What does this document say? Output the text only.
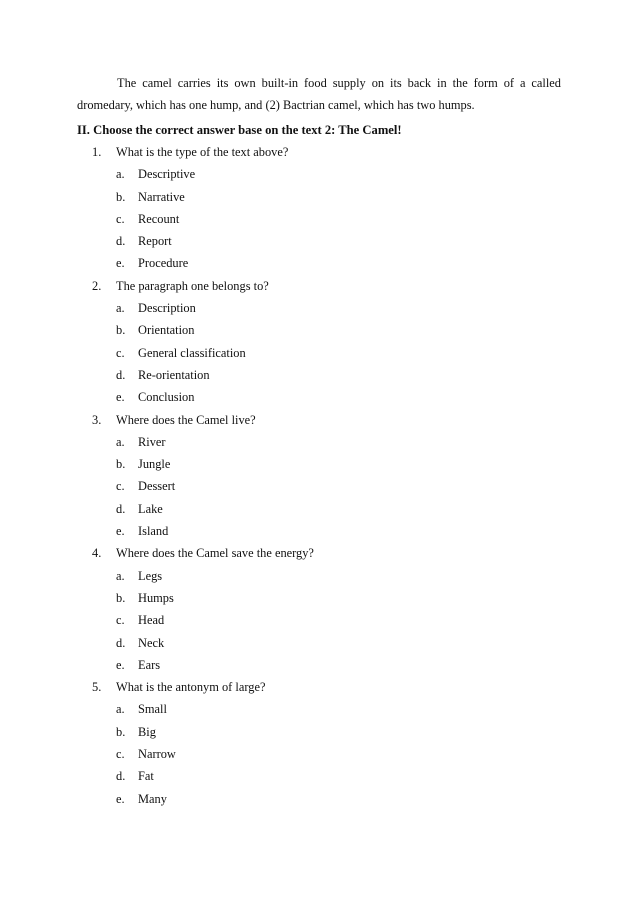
The camel carries its own built-in food supply on its back in the form of a called
dromedary, which has one hump, and (2) Bactrian camel, which has two humps.
II. Choose the correct answer base on the text 2: The Camel!
1. What is the type of the text above?
a. Descriptive
b. Narrative
c. Recount
d. Report
e. Procedure
2. The paragraph one belongs to?
a. Description
b. Orientation
c. General classification
d. Re-orientation
e. Conclusion
3. Where does the Camel live?
a. River
b. Jungle
c. Dessert
d. Lake
e. Island
4. Where does the Camel save the energy?
a. Legs
b. Humps
c. Head
d. Neck
e. Ears
5. What is the antonym of large?
a. Small
b. Big
c. Narrow
d. Fat
e. Many
